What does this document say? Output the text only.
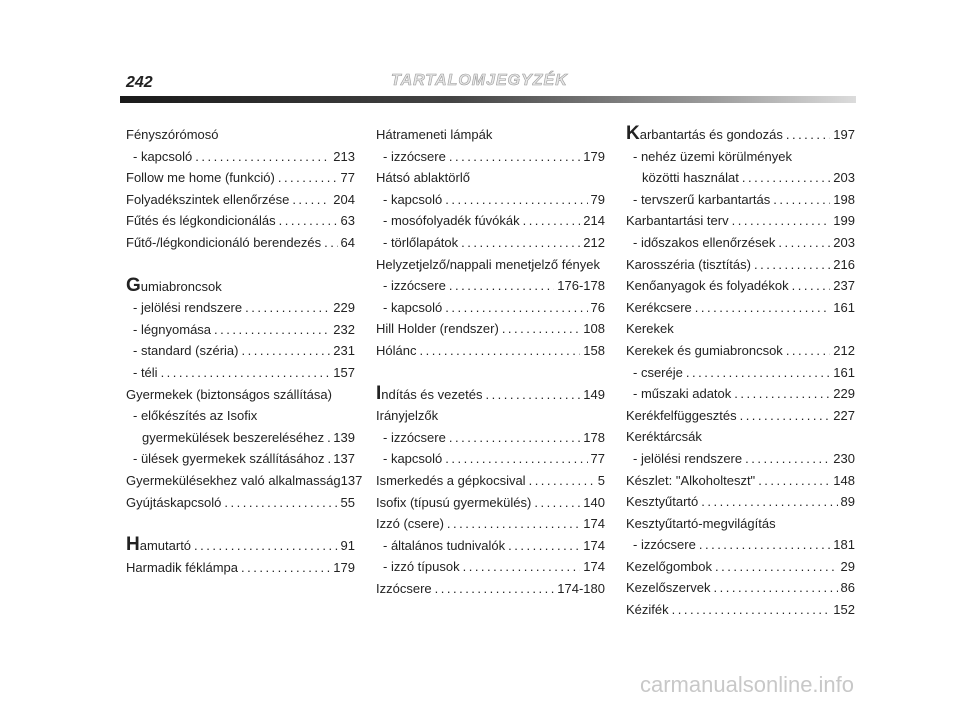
242	TARTALOMJEGYZÉK
Fényszórómosó
- kapcsoló .....	213
Follow me home (funkció) .....	77
Folyadékszintek ellenőrzése .....	204
Fűtés és légkondicionálás .....	63
Fűtő-/légkondicionáló berendezés ..... 64
Gumiabroncsok
- jelölési rendszere .....	229
- légnyomása .....	232
- standard (széria) .....	231
- téli .....	157
Gyermekek (biztonságos szállítása)
- előkészítés az Isofix
gyermekülések beszereléséhez ..... 139
- ülések gyermekek szállításához ..... 137
Gyermekülésekhez való alkalmasság 137
Gyújtáskapcsoló .....	55
Hamutartó .....	91
Harmadik féklámpa .....	179
Hátrameneti lámpák
- izzócsere .....	179
Hátsó ablaktörlő
- kapcsoló .....	79
- mosófolyadék fúvókák .....	214
- törlőlapátok .....	212
Helyzetjelző/nappali menetjelző fények
- izzócsere .....	176-178
- kapcsoló .....	76
Hill Holder (rendszer) .....	108
Hólánc .....	158
Indítás és vezetés .....	149
Irányjelzők
- izzócsere .....	178
- kapcsoló .....	77
Ismerkedés a gépkocsival .....	5
Isofix (típusú gyermekülés) .....	140
Izzó (csere) .....	174
- általános tudnivalók .....	174
- izzó típusok .....	174
Izzócsere .....	174-180
Karbantartás és gondozás .....	197
- nehéz üzemi körülmények
közötti használat .....	203
- tervszerű karbantartás .....	198
Karbantartási terv .....	199
- időszakos ellenőrzések .....	203
Karosszéria (tisztítás) .....	216
Kenőanyagok és folyadékok .....	237
Kerékcsere .....	161
Kerekek
Kerekek és gumiabroncsok .....	212
- cseréje .....	161
- műszaki adatok .....	229
Kerékfelfüggesztés .....	227
Keréktárcsák
- jelölési rendszere .....	230
Készlet: "Alkoholteszt" .....	148
Kesztyűtartó .....	89
Kesztyűtartó-megvilágítás
- izzócsere .....	181
Kezelőgombok .....	29
Kezelőszervek .....	86
Kézifék .....	152
carmanualsonline.info
